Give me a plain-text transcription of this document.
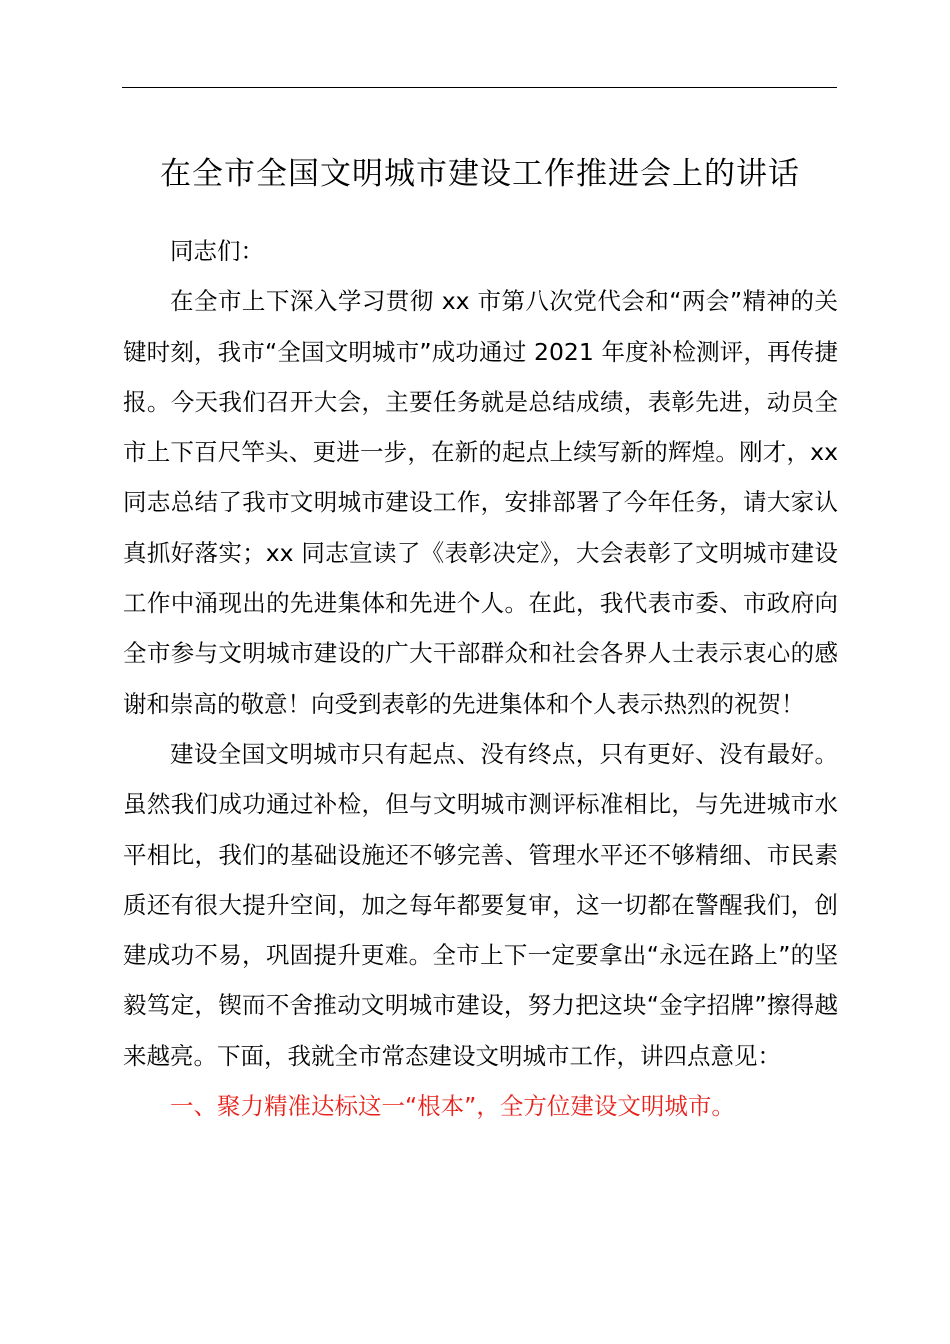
在全市全国文明城市建设工作推进会上的讲话

同志们：

在全市上下深入学习贯彻 xx 市第八次党代会和“两会”精神的关键时刻，我市“全国文明城市”成功通过 2021 年度补检测评，再传捷报。今天我们召开大会，主要任务就是总结成绩，表彰先进，动员全市上下百尺竿头、更进一步，在新的起点上续写新的辉煌。刚才，xx 同志总结了我市文明城市建设工作，安排部署了今年任务，请大家认真抓好落实；xx 同志宣读了《表彰决定》，大会表彰了文明城市建设工作中涌现出的先进集体和先进个人。在此，我代表市委、市政府向全市参与文明城市建设的广大干部群众和社会各界人士表示衷心的感谢和崇高的敬意！向受到表彰的先进集体和个人表示热烈的祝贺！

建设全国文明城市只有起点、没有终点，只有更好、没有最好。虽然我们成功通过补检，但与文明城市测评标准相比，与先进城市水平相比，我们的基础设施还不够完善、管理水平还不够精细、市民素质还有很大提升空间，加之每年都要复审，这一切都在警醒我们，创建成功不易，巩固提升更难。全市上下一定要拿出“永远在路上”的坚毅笃定，锲而不舍推动文明城市建设，努力把这块“金字招牌”擦得越来越亮。下面，我就全市常态建设文明城市工作，讲四点意见：

一、聚力精准达标这一“根本”，全方位建设文明城市。
